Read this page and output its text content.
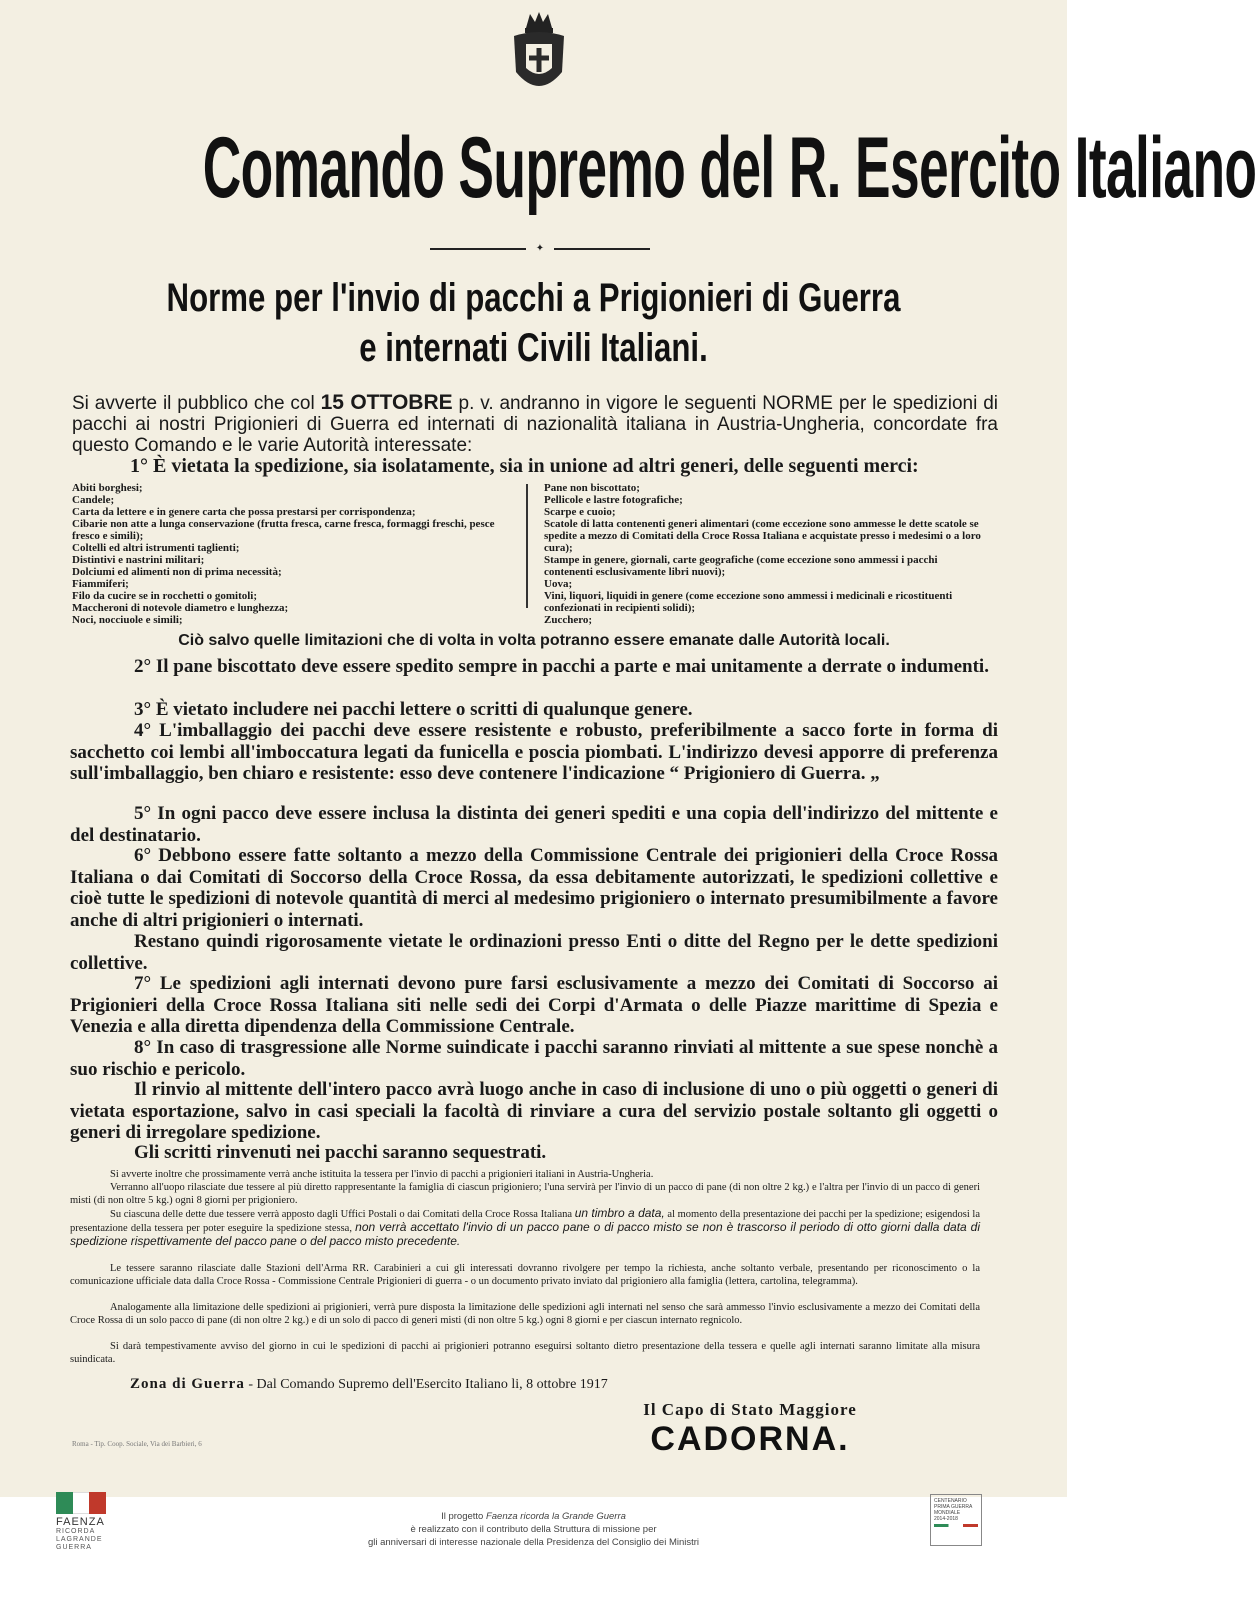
Comando Supremo del R. Esercito Italiano
✦
Norme per l'invio di pacchi a Prigionieri di Guerra
e internati Civili Italiani.
Si avverte il pubblico che col 15 OTTOBRE p. v. andranno in vigore le seguenti NORME per le spedizioni di pacchi ai nostri Prigionieri di Guerra ed internati di nazionalità italiana in Austria-Ungheria, concordate fra questo Comando e le varie Autorità interessate:
1° È vietata la spedizione, sia isolatamente, sia in unione ad altri generi, delle seguenti merci:
Abiti borghesi;
Candele;
Carta da lettere e in genere carta che possa prestarsi per corrispondenza;
Cibarie non atte a lunga conservazione (frutta fresca, carne fresca, formaggi freschi, pesce fresco e simili);
Coltelli ed altri istrumenti taglienti;
Distintivi e nastrini militari;
Dolciumi ed alimenti non di prima necessità;
Fiammiferi;
Filo da cucire se in rocchetti o gomitoli;
Maccheroni di notevole diametro e lunghezza;
Noci, nocciuole e simili;
Pane non biscottato;
Pellicole e lastre fotografiche;
Scarpe e cuoio;
Scatole di latta contenenti generi alimentari (come eccezione sono ammesse le dette scatole se spedite a mezzo di Comitati della Croce Rossa Italiana e acquistate presso i medesimi o a loro cura);
Stampe in genere, giornali, carte geografiche (come eccezione sono ammessi i pacchi contenenti esclusivamente libri nuovi);
Uova;
Vini, liquori, liquidi in genere (come eccezione sono ammessi i medicinali e ricostituenti confezionati in recipienti solidi);
Zucchero;
Ciò salvo quelle limitazioni che di volta in volta potranno essere emanate dalle Autorità locali.

2° Il pane biscottato deve essere spedito sempre in pacchi a parte e mai unitamente a derrate o indumenti.

3° È vietato includere nei pacchi lettere o scritti di qualunque genere.

4° L'imballaggio dei pacchi deve essere resistente e robusto, preferibilmente a sacco forte in forma di sacchetto coi lembi all'imboccatura legati da funicella e poscia piombati. L'indirizzo devesi apporre di preferenza sull'imballaggio, ben chiaro e resistente: esso deve contenere l'indicazione “ Prigioniero di Guerra. „

5° In ogni pacco deve essere inclusa la distinta dei generi spediti e una copia dell'indirizzo del mittente e del destinatario.

6° Debbono essere fatte soltanto a mezzo della Commissione Centrale dei prigionieri della Croce Rossa Italiana o dai Comitati di Soccorso della Croce Rossa, da essa debitamente autorizzati, le spedizioni collettive e cioè tutte le spedizioni di notevole quantità di merci al medesimo prigioniero o internato presumibilmente a favore anche di altri prigionieri o internati.

Restano quindi rigorosamente vietate le ordinazioni presso Enti o ditte del Regno per le dette spedizioni collettive.

7° Le spedizioni agli internati devono pure farsi esclusivamente a mezzo dei Comitati di Soccorso ai Prigionieri della Croce Rossa Italiana siti nelle sedi dei Corpi d'Armata o delle Piazze marittime di Spezia e Venezia e alla diretta dipendenza della Commissione Centrale.

8° In caso di trasgressione alle Norme suindicate i pacchi saranno rinviati al mittente a sue spese nonchè a suo rischio e pericolo.

Il rinvio al mittente dell'intero pacco avrà luogo anche in caso di inclusione di uno o più oggetti o generi di vietata esportazione, salvo in casi speciali la facoltà di rinviare a cura del servizio postale soltanto gli oggetti o generi di irregolare spedizione.

Gli scritti rinvenuti nei pacchi saranno sequestrati.

Si avverte inoltre che prossimamente verrà anche istituita la tessera per l'invio di pacchi a prigionieri italiani in Austria-Ungheria.

Verranno all'uopo rilasciate due tessere al più diretto rappresentante la famiglia di ciascun prigioniero; l'una servirà per l'invio di un pacco di pane (di non oltre 2 kg.) e l'altra per l'invio di un pacco di generi misti (di non oltre 5 kg.) ogni 8 giorni per prigioniero.

Su ciascuna delle dette due tessere verrà apposto dagli Uffici Postali o dai Comitati della Croce Rossa Italiana un timbro a data, al momento della presentazione dei pacchi per la spedizione; esigendosi la presentazione della tessera per poter eseguire la spedizione stessa, non verrà accettato l'invio di un pacco pane o di pacco misto se non è trascorso il periodo di otto giorni dalla data di spedizione rispettivamente del pacco pane o del pacco misto precedente.

Le tessere saranno rilasciate dalle Stazioni dell'Arma RR. Carabinieri a cui gli interessati dovranno rivolgere per tempo la richiesta, anche soltanto verbale, presentando per riconoscimento o la comunicazione ufficiale data dalla Croce Rossa - Commissione Centrale Prigionieri di guerra - o un documento privato inviato dal prigioniero alla famiglia (lettera, cartolina, telegramma).

Analogamente alla limitazione delle spedizioni ai prigionieri, verrà pure disposta la limitazione delle spedizioni agli internati nel senso che sarà ammesso l'invio esclusivamente a mezzo dei Comitati della Croce Rossa di un solo pacco di pane (di non oltre 2 kg.) e di un solo di pacco di generi misti (di non oltre 5 kg.) ogni 8 giorni e per ciascun internato regnicolo.

Si darà tempestivamente avviso del giorno in cui le spedizioni di pacchi ai prigionieri potranno eseguirsi soltanto dietro presentazione della tessera e quelle agli internati saranno limitate alla misura suindicata.

Zona di Guerra - Dal Comando Supremo dell'Esercito Italiano li, 8 ottobre 1917
Il Capo di Stato Maggiore
CADORNA.
Roma - Tip. Coop. Sociale, Via dei Barbieri, 6
FAENZA
RICORDA
LAGRANDE
GUERRA
Il progetto Faenza ricorda la Grande Guerra
è realizzato con il contributo della Struttura di missione per
gli anniversari di interesse nazionale della Presidenza del Consiglio dei Ministri
CENTENARIO
PRIMA GUERRA
MONDIALE
2014-2018
